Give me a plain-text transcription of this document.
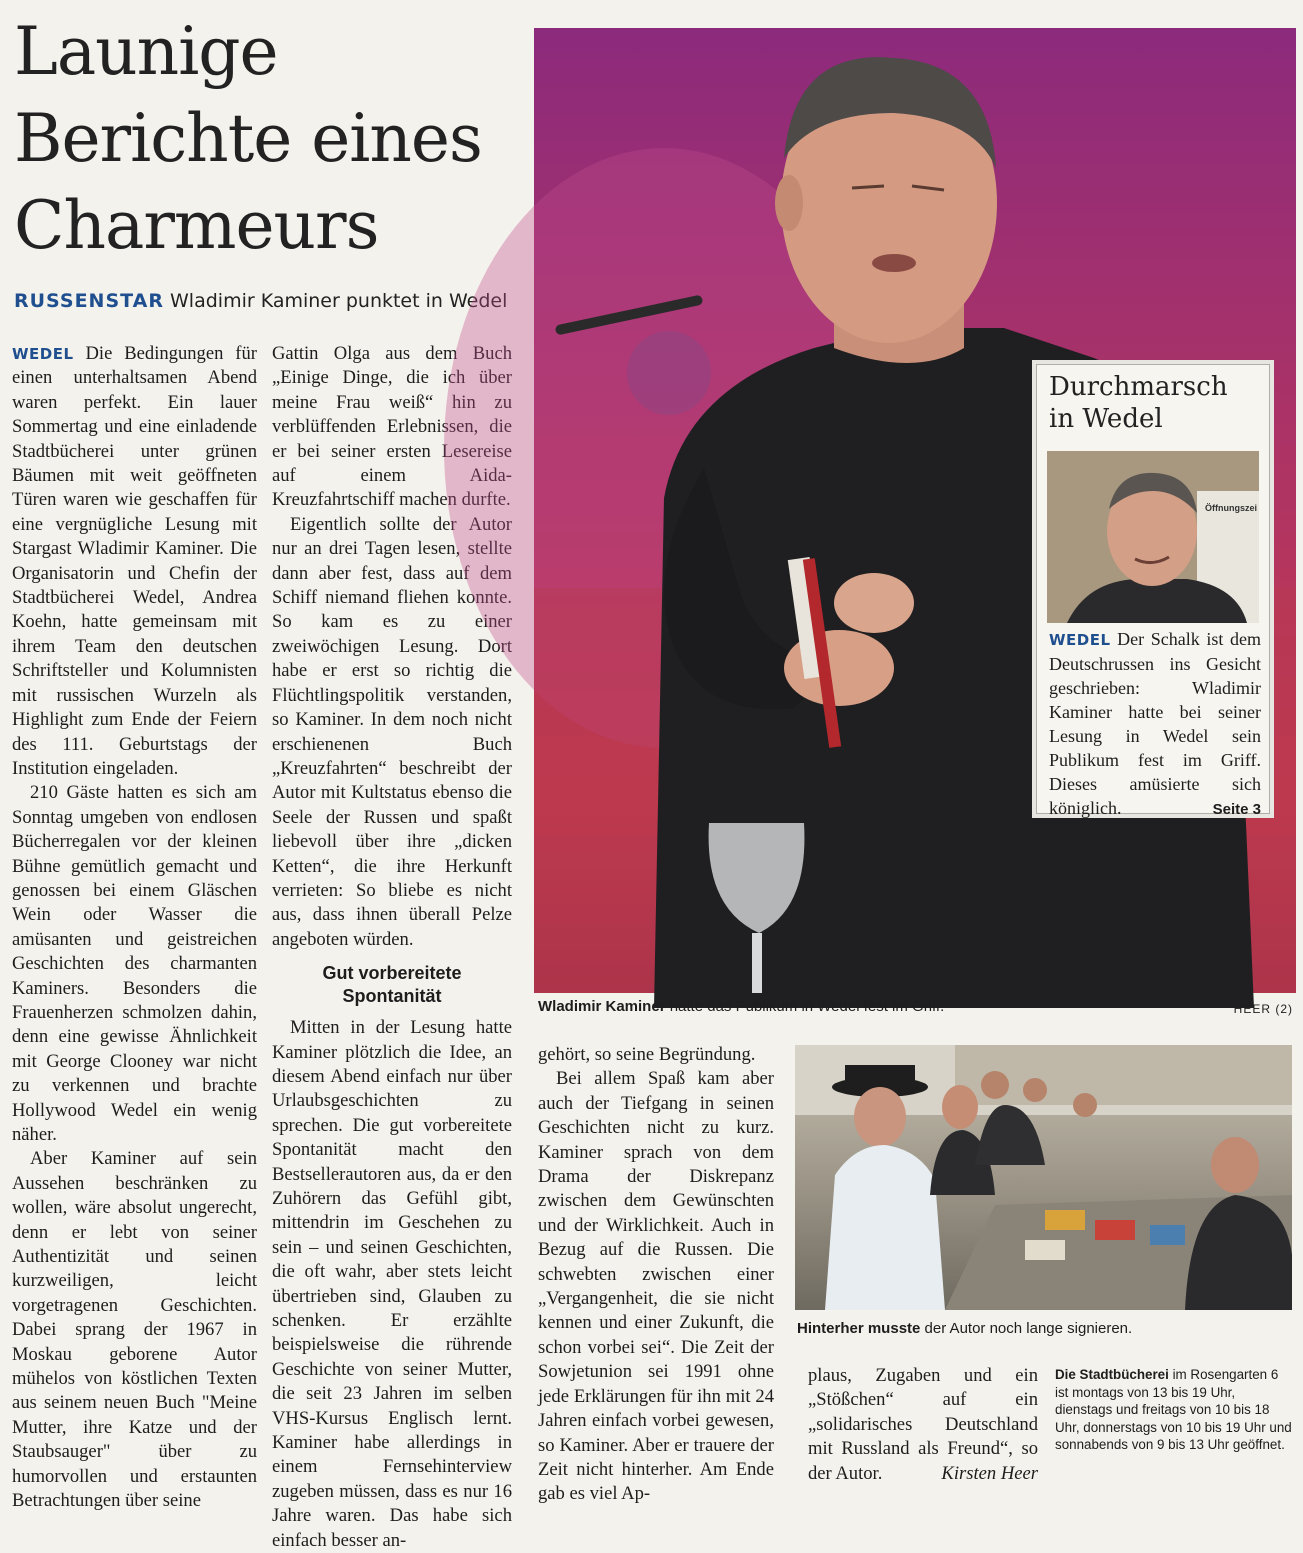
Launige
Berichte eines
Charmeurs
RUSSENSTAR Wladimir Kaminer punktet in Wedel

WEDEL Die Bedingungen für einen unterhaltsamen Abend waren perfekt. Ein lauer Sommertag und eine einladende Stadtbücherei unter grünen Bäumen mit weit geöffneten Türen waren wie geschaffen für eine vergnügliche Lesung mit Stargast Wladimir Kaminer. Die Organisatorin und Chefin der Stadtbücherei Wedel, Andrea Koehn, hatte gemeinsam mit ihrem Team den deutschen Schriftsteller und Kolumnisten mit russischen Wurzeln als Highlight zum Ende der Feiern des 111. Geburtstags der Institution eingeladen.

210 Gäste hatten es sich am Sonntag umgeben von endlosen Bücherregalen vor der kleinen Bühne gemütlich gemacht und genossen bei einem Gläschen Wein oder Wasser die amüsanten und geistreichen Geschichten des charmanten Kaminers. Besonders die Frauenherzen schmolzen dahin, denn eine gewisse Ähnlichkeit mit George Clooney war nicht zu verkennen und brachte Hollywood Wedel ein wenig näher.

Aber Kaminer auf sein Aussehen beschränken zu wollen, wäre absolut ungerecht, denn er lebt von seiner Authentizität und seinen kurzweiligen, leicht vorgetragenen Geschichten. Dabei sprang der 1967 in Moskau geborene Autor mühelos von köstlichen Texten aus seinem neuen Buch "Meine Mutter, ihre Katze und der Staubsauger" über zu humorvollen und erstaunten Betrachtungen über seine

Gattin Olga aus dem Buch „Einige Dinge, die ich über meine Frau weiß“ hin zu verblüffenden Erlebnissen, die er bei seiner ersten Lesereise auf einem Aida-Kreuzfahrtschiff machen durfte.

Eigentlich sollte der Autor nur an drei Tagen lesen, stellte dann aber fest, dass auf dem Schiff niemand fliehen konnte. So kam es zu einer zweiwöchigen Lesung. Dort habe er erst so richtig die Flüchtlingspolitik verstanden, so Kaminer. In dem noch nicht erschienenen Buch „Kreuzfahrten“ beschreibt der Autor mit Kultstatus ebenso die Seele der Russen und spaßt liebevoll über ihre „dicken Ketten“, die ihre Herkunft verrieten: So bliebe es nicht aus, dass ihnen überall Pelze angeboten würden.

Gut vorbereitete Spontanität

Mitten in der Lesung hatte Kaminer plötzlich die Idee, an diesem Abend einfach nur über Urlaubsgeschichten zu sprechen. Die gut vorbereitete Spontanität macht den Bestsellerautoren aus, da er den Zuhörern das Gefühl gibt, mittendrin im Geschehen zu sein – und seinen Geschichten, die oft wahr, aber stets leicht übertrieben sind, Glauben zu schenken. Er erzählte beispielsweise die rührende Geschichte von seiner Mutter, die seit 23 Jahren im selben VHS-Kursus Englisch lernt. Kaminer habe allerdings in einem Fernsehinterview zugeben müssen, dass es nur 16 Jahre waren. Das habe sich einfach besser an-

Wladimir Kaminer hatte das Publikum in Wedel fest im Griff.	HEER (2)
Durchmarsch in Wedel
Öffnungszei
WEDEL Der Schalk ist dem Deutschrussen ins Gesicht geschrieben: Wladimir Kaminer hatte bei seiner Lesung in Wedel sein Publikum fest im Griff. Dieses amüsierte sich königlich.	Seite 3

gehört, so seine Begründung.

Bei allem Spaß kam aber auch der Tiefgang in seinen Geschichten nicht zu kurz. Kaminer sprach von dem Drama der Diskrepanz zwischen dem Gewünschten und der Wirklichkeit. Auch in Bezug auf die Russen. Die schwebten zwischen einer „Vergangenheit, die sie nicht kennen und einer Zukunft, die schon vorbei sei“. Die Zeit der Sowjetunion sei 1991 ohne jede Erklärungen für ihn mit 24 Jahren einfach vorbei gewesen, so Kaminer. Aber er trauere der Zeit nicht hinterher. Am Ende gab es viel Ap-

Hinterher musste der Autor noch lange signieren.

plaus, Zugaben und ein „Stößchen“ auf ein „solidarisches Deutschland mit Russland als Freund“, so der Autor.	Kirsten Heer

Die Stadtbücherei im Rosengarten 6 ist montags von 13 bis 19 Uhr, dienstags und freitags von 10 bis 18 Uhr, donnerstags von 10 bis 19 Uhr und sonnabends von 9 bis 13 Uhr geöffnet.
